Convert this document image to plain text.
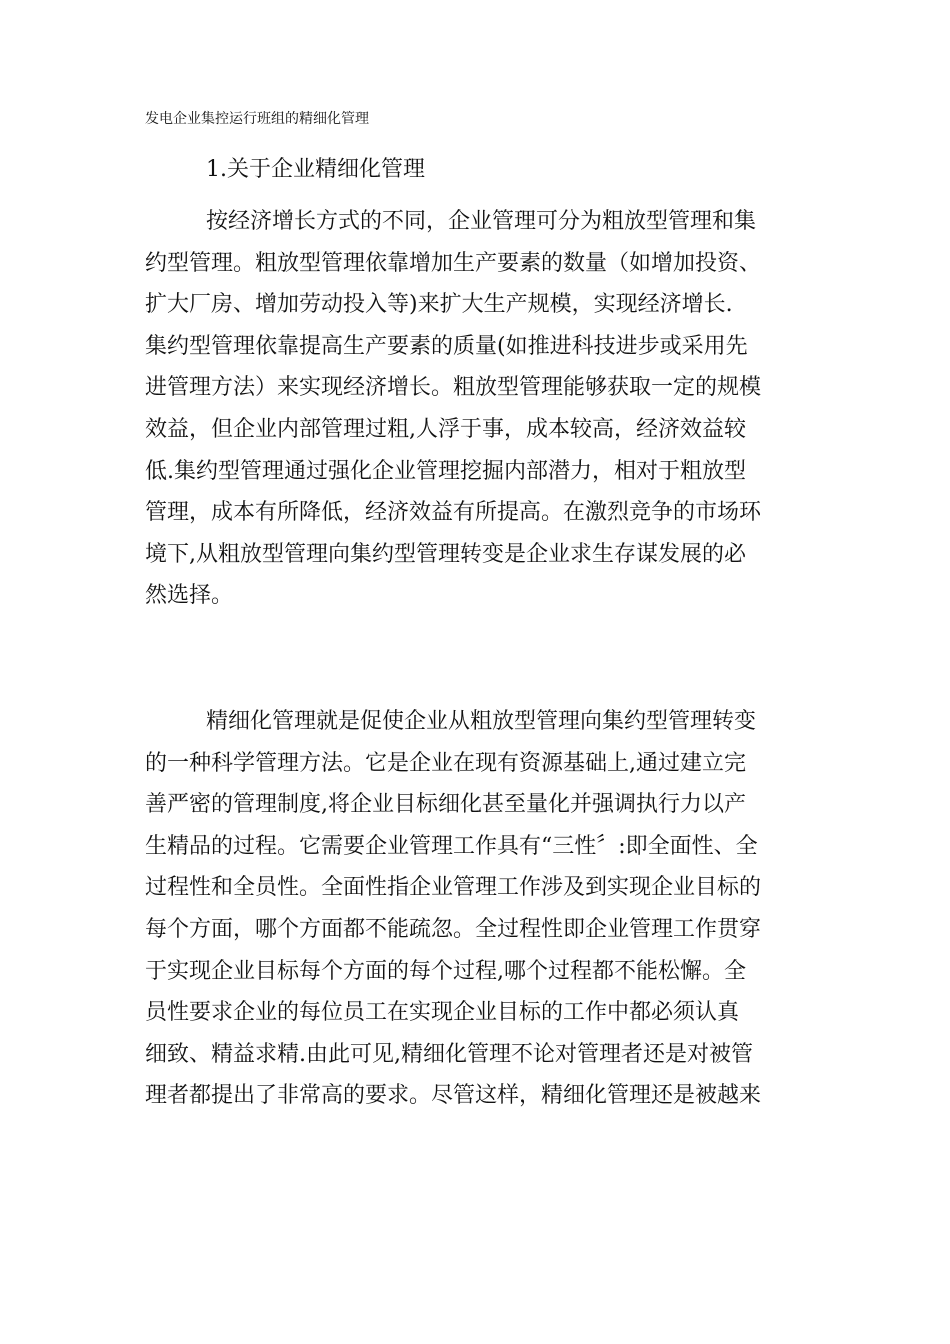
发电企业集控运行班组的精细化管理
1.关于企业精细化管理
按经济增长方式的不同，企业管理可分为粗放型管理和集
约型管理。粗放型管理依靠增加生产要素的数量（如增加投资、
扩大厂房、增加劳动投入等)来扩大生产规模，实现经济增长.
集约型管理依靠提高生产要素的质量(如推进科技进步或采用先
进管理方法）来实现经济增长。粗放型管理能够获取一定的规模
效益，但企业内部管理过粗,人浮于事，成本较高，经济效益较
低.集约型管理通过强化企业管理挖掘内部潜力，相对于粗放型
管理，成本有所降低，经济效益有所提高。在激烈竞争的市场环
境下,从粗放型管理向集约型管理转变是企业求生存谋发展的必
然选择。
精细化管理就是促使企业从粗放型管理向集约型管理转变
的一种科学管理方法。它是企业在现有资源基础上,通过建立完
善严密的管理制度,将企业目标细化甚至量化并强调执行力以产
生精品的过程。它需要企业管理工作具有“三性〞:即全面性、全
过程性和全员性。全面性指企业管理工作涉及到实现企业目标的
每个方面，哪个方面都不能疏忽。全过程性即企业管理工作贯穿
于实现企业目标每个方面的每个过程,哪个过程都不能松懈。全
员性要求企业的每位员工在实现企业目标的工作中都必须认真
细致、精益求精.由此可见,精细化管理不论对管理者还是对被管
理者都提出了非常高的要求。尽管这样，精细化管理还是被越来
